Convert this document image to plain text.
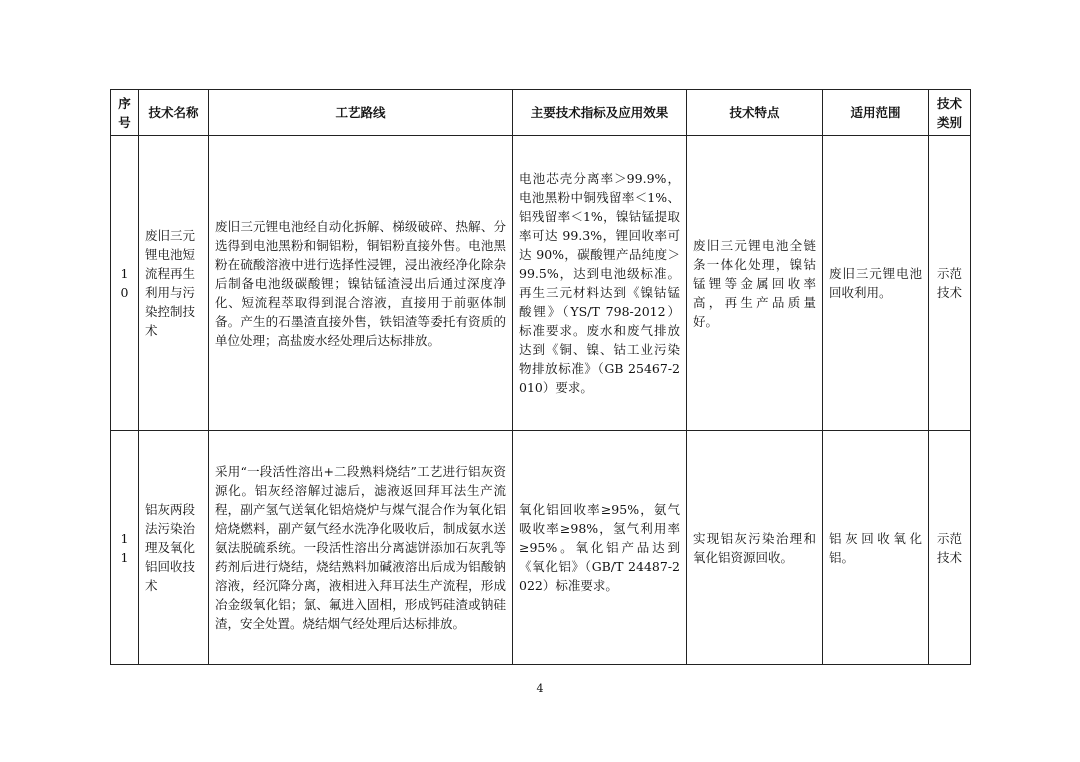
序号	技术名称	工艺路线	主要技术指标及应用效果	技术特点	适用范围	技术类别
10	废旧三元锂电池短流程再生利用与污染控制技术	废旧三元锂电池经自动化拆解、梯级破碎、热解、分选得到电池黑粉和铜铝粉，铜铝粉直接外售。电池黑粉在硫酸溶液中进行选择性浸锂，浸出液经净化除杂后制备电池级碳酸锂；镍钴锰渣浸出后通过深度净化、短流程萃取得到混合溶液，直接用于前驱体制备。产生的石墨渣直接外售，铁铝渣等委托有资质的单位处理；高盐废水经处理后达标排放。	电池芯壳分离率＞99.9%，电池黑粉中铜残留率＜1%、铝残留率＜1%，镍钴锰提取率可达 99.3%，锂回收率可达 90%，碳酸锂产品纯度＞99.5%，达到电池级标准。再生三元材料达到《镍钴锰酸锂》（YS/T 798-2012）标准要求。废水和废气排放达到《铜、镍、钴工业污染物排放标准》（GB 25467-2010）要求。	废旧三元锂电池全链条一体化处理，镍钴锰锂等金属回收率高，再生产品质量好。	废旧三元锂电池回收利用。	示范技术
11	铝灰两段法污染治理及氧化铝回收技术	采用“一段活性溶出+二段熟料烧结”工艺进行铝灰资源化。铝灰经溶解过滤后，滤液返回拜耳法生产流程，副产氢气送氧化铝焙烧炉与煤气混合作为氧化铝焙烧燃料，副产氨气经水洗净化吸收后，制成氨水送氨法脱硫系统。一段活性溶出分离滤饼添加石灰乳等药剂后进行烧结，烧结熟料加碱液溶出后成为铝酸钠溶液，经沉降分离，液相进入拜耳法生产流程，形成冶金级氧化铝；氯、氟进入固相，形成钙硅渣或钠硅渣，安全处置。烧结烟气经处理后达标排放。	氧化铝回收率≥95%，氨气吸收率≥98%，氢气利用率≥95%。氧化铝产品达到《氧化铝》（GB/T 24487-2022）标准要求。	实现铝灰污染治理和氧化铝资源回收。	铝灰回收氧化铝。	示范技术
4
